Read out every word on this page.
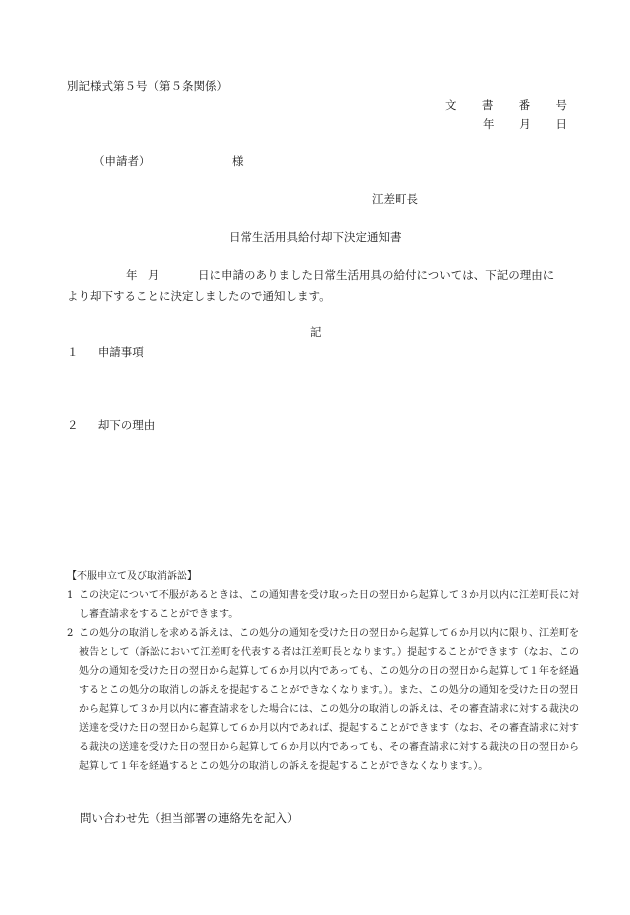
別記様式第５号（第５条関係）
文 書 番 号
年 月 日
（申請者）	様
江差町長
日常生活用具給付却下決定通知書
年 月	日に申請のありました日常生活用具の給付については、下記の理由に
より却下することに決定しましたので通知します。
記
１ 申請事項
２ 却下の理由
【不服申立て及び取消訴訟】
1 この決定について不服があるときは、この通知書を受け取った日の翌日から起算して３か月以内に江差町長に対し審査請求をすることができます。
2 この処分の取消しを求める訴えは、この処分の通知を受けた日の翌日から起算して６か月以内に限り、江差町を被告として（訴訟において江差町を代表する者は江差町長となります。）提起することができます（なお、この処分の通知を受けた日の翌日から起算して６か月以内であっても、この処分の日の翌日から起算して１年を経過するとこの処分の取消しの訴えを提起することができなくなります。）。また、この処分の通知を受けた日の翌日から起算して３か月以内に審査請求をした場合には、この処分の取消しの訴えは、その審査請求に対する裁決の送達を受けた日の翌日から起算して６か月以内であれば、提起することができます（なお、その審査請求に対する裁決の送達を受けた日の翌日から起算して６か月以内であっても、その審査請求に対する裁決の日の翌日から起算して１年を経過するとこの処分の取消しの訴えを提起することができなくなります。）。
問い合わせ先（担当部署の連絡先を記入）
